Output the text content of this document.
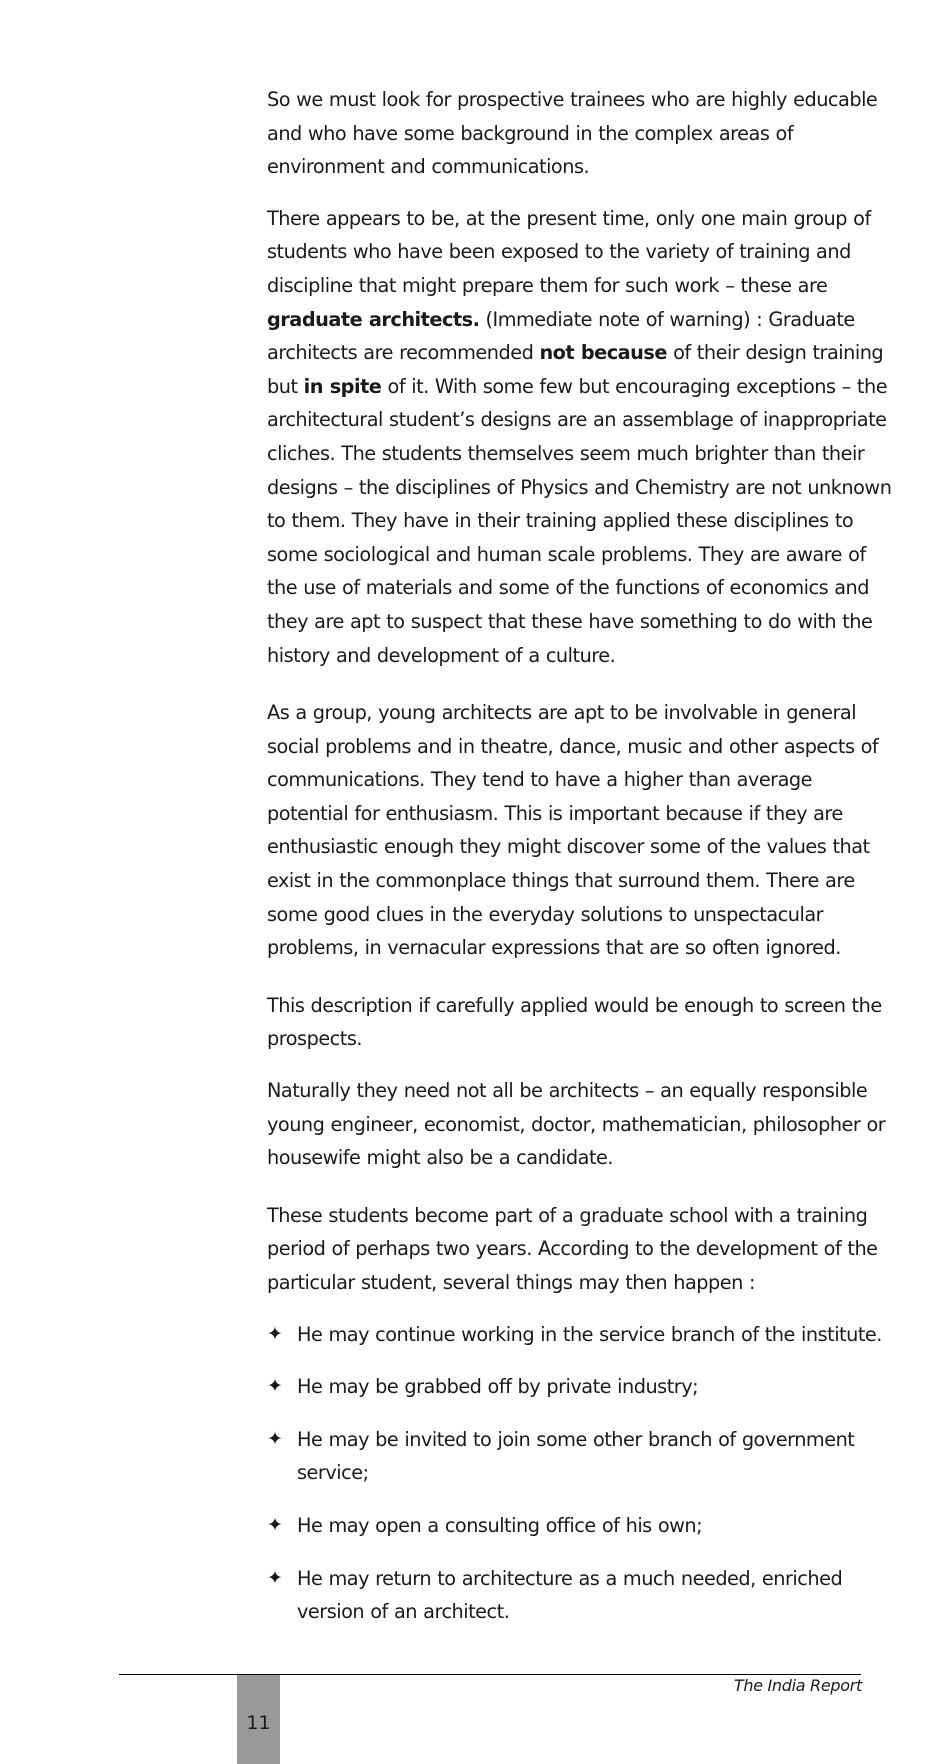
So we must look for prospective trainees who are highly educable and who have some background in the complex areas of environment and communications.

There appears to be, at the present time, only one main group of students who have been exposed to the variety of training and discipline that might prepare them for such work – these are graduate architects. (Immediate note of warning) : Graduate architects are recommended not because of their design training but in spite of it. With some few but encouraging exceptions – the architectural student’s designs are an assemblage of inappropriate cliches. The students themselves seem much brighter than their designs – the disciplines of Physics and Chemistry are not unknown to them. They have in their training applied these disciplines to some sociological and human scale problems. They are aware of the use of materials and some of the functions of economics and they are apt to suspect that these have something to do with the history and development of a culture.

As a group, young architects are apt to be involvable in general social problems and in theatre, dance, music and other aspects of communications. They tend to have a higher than average potential for enthusiasm. This is important because if they are enthusiastic enough they might discover some of the values that exist in the commonplace things that surround them. There are some good clues in the everyday solutions to unspectacular problems, in vernacular expressions that are so often ignored.

This description if carefully applied would be enough to screen the prospects.

Naturally they need not all be architects – an equally responsible young engineer, economist, doctor, mathematician, philosopher or housewife might also be a candidate.

These students become part of a graduate school with a training period of perhaps two years. According to the development of the particular student, several things may then happen :

✦ He may continue working in the service branch of the institute.
✦ He may be grabbed off by private industry;
✦ He may be invited to join some other branch of government service;
✦ He may open a consulting office of his own;
✦ He may return to architecture as a much needed, enriched version of an architect.
The India Report
11
